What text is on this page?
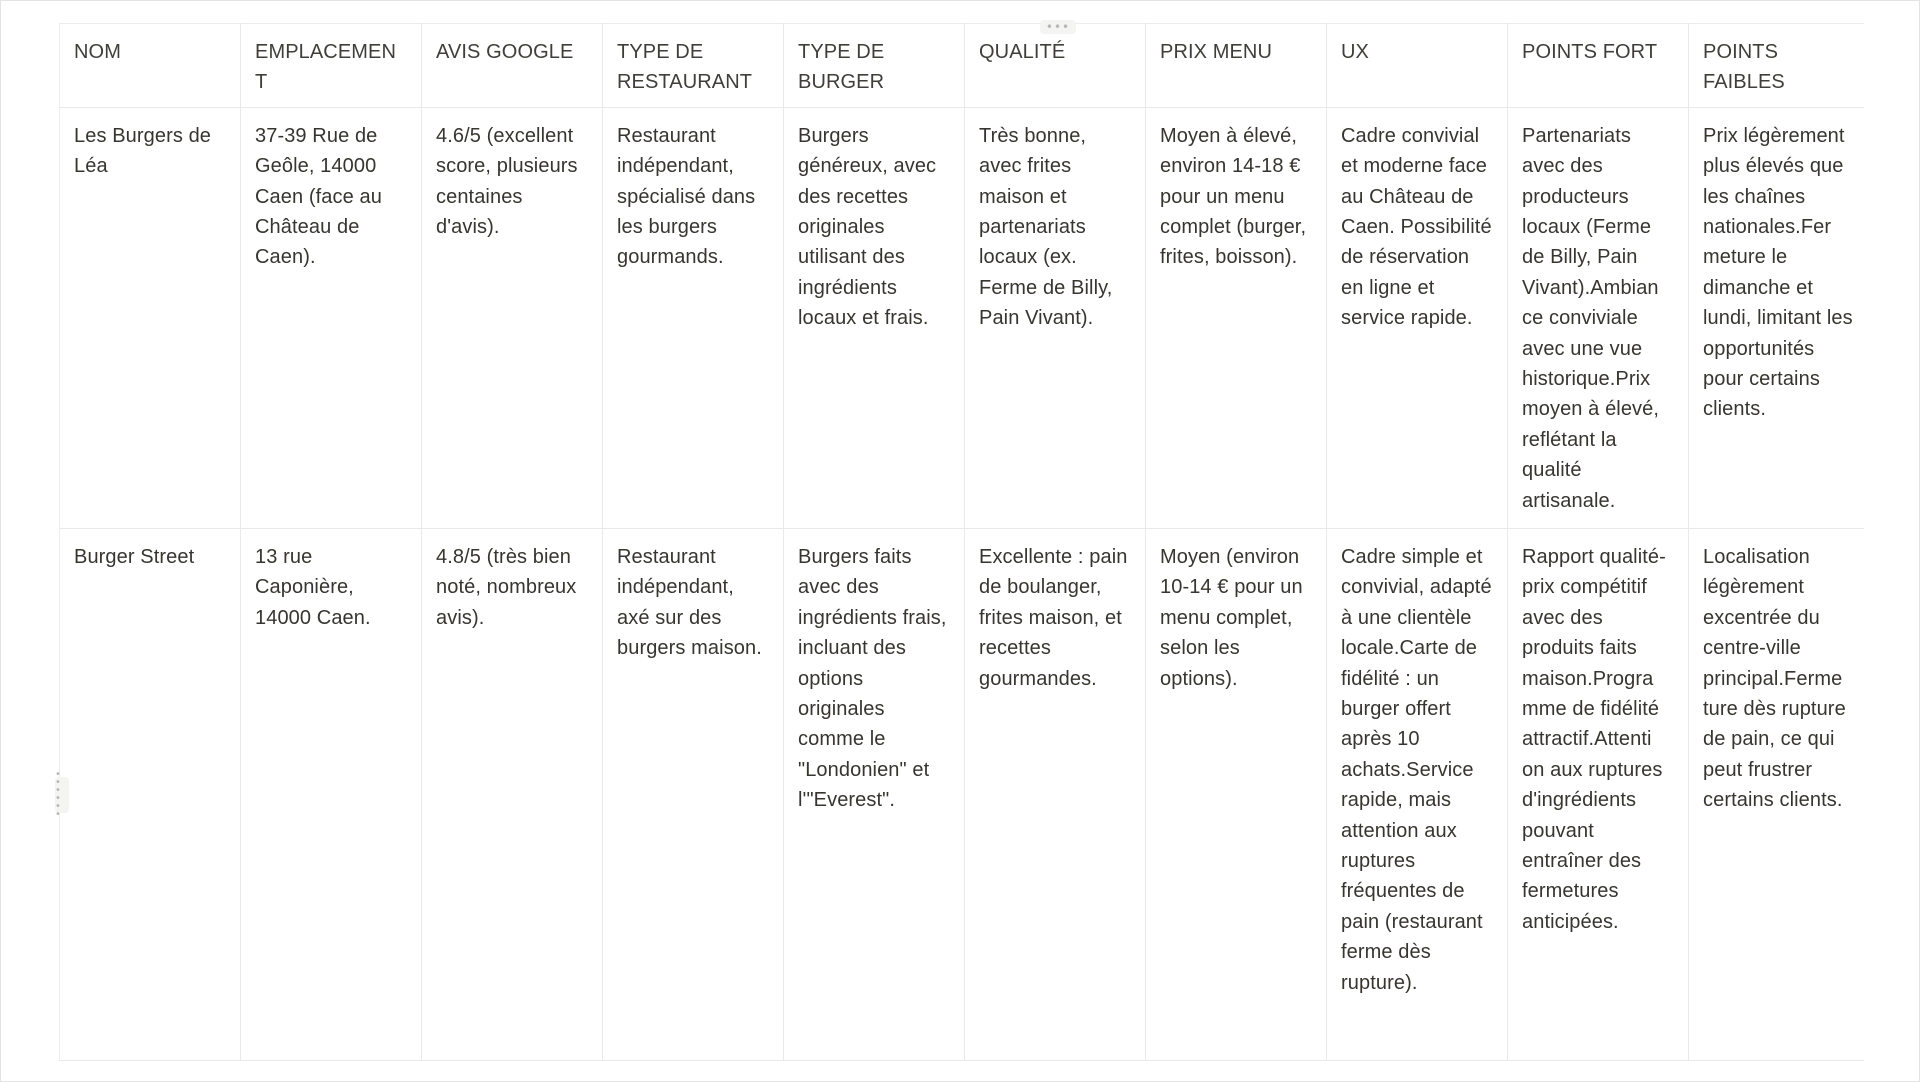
NOM	EMPLACEMEN T	AVIS GOOGLE	TYPE DE RESTAURANT	TYPE DE BURGER	QUALITÉ	PRIX MENU	UX	POINTS FORT	POINTS FAIBLES
Les Burgers de Léa	37-39 Rue de Geôle, 14000 Caen (face au Château de Caen).	4.6/5 (excellent score, plusieurs centaines d'avis).	Restaurant indépendant, spécialisé dans les burgers gourmands.	Burgers généreux, avec des recettes originales utilisant des ingrédients locaux et frais.	Très bonne, avec frites maison et partenariats locaux (ex. Ferme de Billy, Pain Vivant).	Moyen à élevé, environ 14-18 € pour un menu complet (burger, frites, boisson).	Cadre convivial et moderne face au Château de Caen. Possibilité de réservation en ligne et service rapide.	Partenariats avec des producteurs locaux (Ferme de Billy, Pain Vivant).Ambian ce conviviale avec une vue historique.Prix moyen à élevé, reflétant la qualité artisanale.	Prix légèrement plus élevés que les chaînes nationales.Fer meture le dimanche et lundi, limitant les opportunités pour certains clients.
Burger Street	13 rue Caponière, 14000 Caen.	4.8/5 (très bien noté, nombreux avis).	Restaurant indépendant, axé sur des burgers maison.	Burgers faits avec des ingrédients frais, incluant des options originales comme le "Londonien" et l'"Everest".	Excellente : pain de boulanger, frites maison, et recettes gourmandes.	Moyen (environ 10-14 € pour un menu complet, selon les options).	Cadre simple et convivial, adapté à une clientèle locale.Carte de fidélité : un burger offert après 10 achats.Service rapide, mais attention aux ruptures fréquentes de pain (restaurant ferme dès rupture).	Rapport qualité-prix compétitif avec des produits faits maison.Progra mme de fidélité attractif.Attenti on aux ruptures d'ingrédients pouvant entraîner des fermetures anticipées.	Localisation légèrement excentrée du centre-ville principal.Ferme ture dès rupture de pain, ce qui peut frustrer certains clients.
•••
• •
• •
• •
